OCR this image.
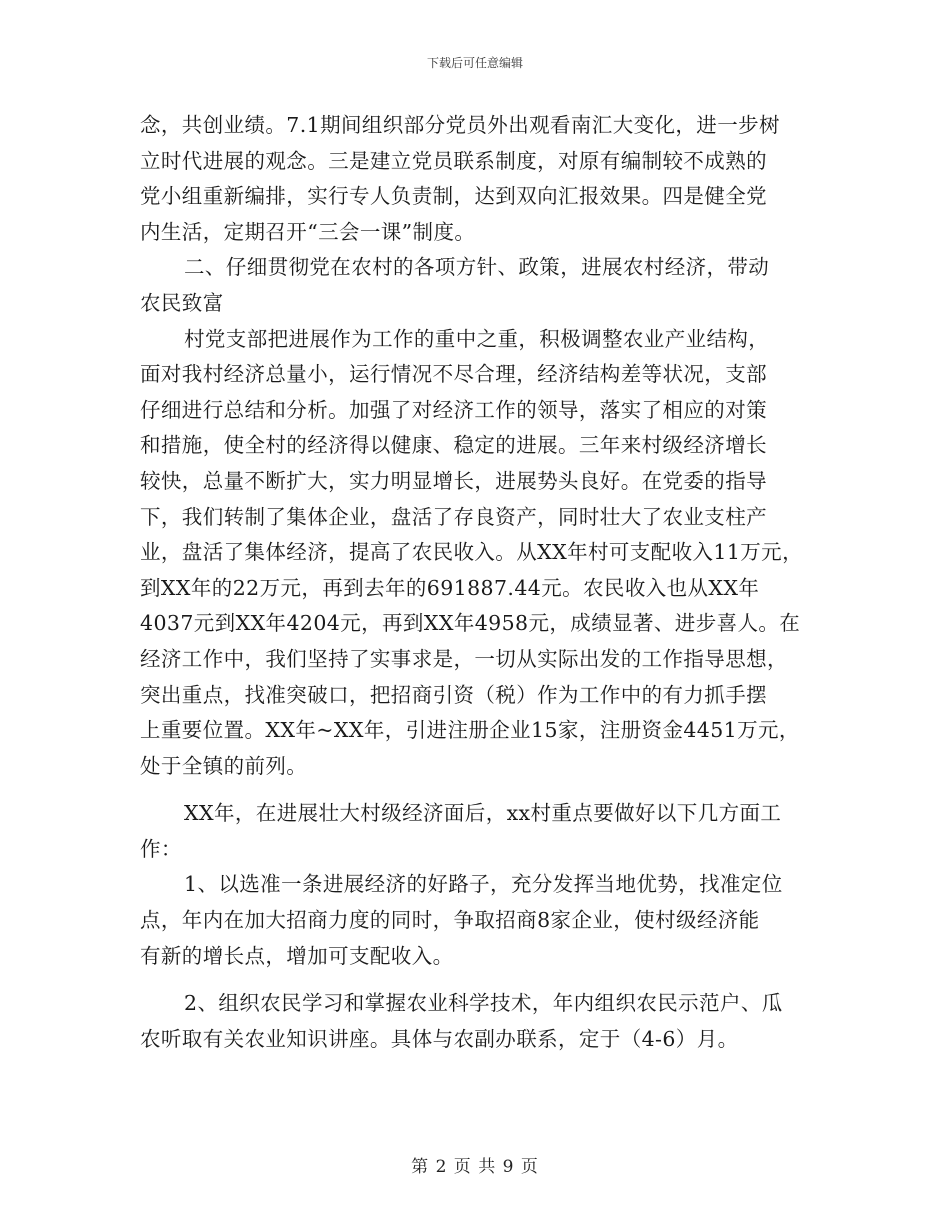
下载后可任意编辑
念，共创业绩。7.1期间组织部分党员外出观看南汇大变化，进一步树
立时代进展的观念。三是建立党员联系制度，对原有编制较不成熟的
党小组重新编排，实行专人负责制，达到双向汇报效果。四是健全党
内生活，定期召开“三会一课”制度。
二、仔细贯彻党在农村的各项方针、政策，进展农村经济，带动
农民致富
村党支部把进展作为工作的重中之重，积极调整农业产业结构，
面对我村经济总量小，运行情况不尽合理，经济结构差等状况，支部
仔细进行总结和分析。加强了对经济工作的领导，落实了相应的对策
和措施，使全村的经济得以健康、稳定的进展。三年来村级经济增长
较快，总量不断扩大，实力明显增长，进展势头良好。在党委的指导
下，我们转制了集体企业，盘活了存良资产，同时壮大了农业支柱产
业，盘活了集体经济，提高了农民收入。从XX年村可支配收入11万元，
到XX年的22万元，再到去年的691887.44元。农民收入也从XX年
4037元到XX年4204元，再到XX年4958元，成绩显著、进步喜人。在
经济工作中，我们坚持了实事求是，一切从实际出发的工作指导思想，
突出重点，找准突破口，把招商引资（税）作为工作中的有力抓手摆
上重要位置。XX年~XX年，引进注册企业15家，注册资金4451万元，
处于全镇的前列。
XX年，在进展壮大村级经济面后，xx村重点要做好以下几方面工
作：
1、以选准一条进展经济的好路子，充分发挥当地优势，找准定位
点，年内在加大招商力度的同时，争取招商8家企业，使村级经济能
有新的增长点，增加可支配收入。
2、组织农民学习和掌握农业科学技术，年内组织农民示范户、瓜
农听取有关农业知识讲座。具体与农副办联系，定于（4-6）月。
第 2 页 共 9 页
